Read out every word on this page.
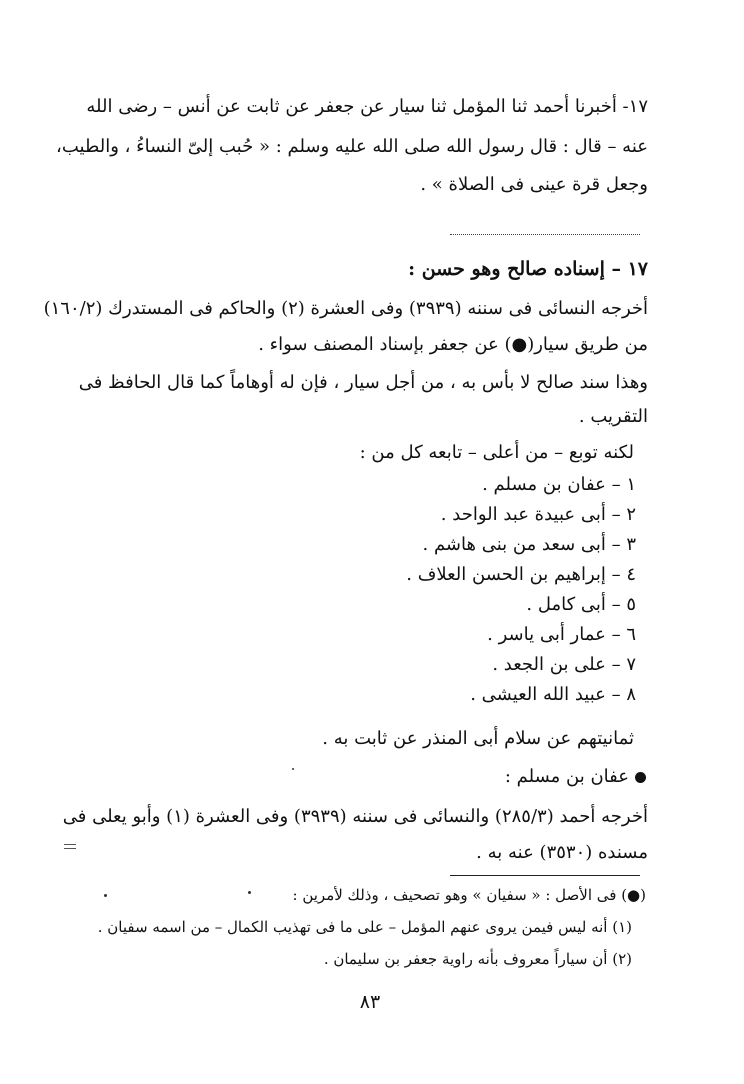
١٧- أخبرنا أحمد ثنا المؤمل ثنا سيار عن جعفر عن ثابت عن أنس – رضى الله
عنه – قال : قال رسول الله صلى الله عليه وسلم : « حُبب إلىّ النساءُ ، والطيب،
وجعل قرة عينى فى الصلاة » .
١٧ – إسناده صالح وهو حسن :
أخرجه النسائى فى سننه (٣٩٣٩) وفى العشرة (٢) والحاكم فى المستدرك (١٦٠/٢)
من طريق سيار(●) عن جعفر بإسناد المصنف سواء .
وهذا سند صالح لا بأس به ، من أجل سيار ، فإن له أوهاماً كما قال الحافظ فى
التقريب .
لكنه توبع – من أعلى – تابعه كل من :
١ – عفان بن مسلم .
٢ – أبى عبيدة عبد الواحد .
٣ – أبى سعد من بنى هاشم .
٤ – إبراهيم بن الحسن العلاف .
٥ – أبى كامل .
٦ – عمار أبى ياسر .
٧ – على بن الجعد .
٨ – عبيد الله العيشى .
ثمانيتهم عن سلام أبى المنذر عن ثابت به .
عفان بن مسلم :
أخرجه أحمد (٢٨٥/٣) والنسائى فى سننه (٣٩٣٩) وفى العشرة (١) وأبو يعلى فى
مسنده (٣٥٣٠) عنه به .
(●) فى الأصل : « سفيان » وهو تصحيف ، وذلك لأمرين :
(١) أنه ليس فيمن يروى عنهم المؤمل – على ما فى تهذيب الكمال – من اسمه سفيان .
(٢) أن سياراً معروف بأنه راوية جعفر بن سليمان .
٨٣
